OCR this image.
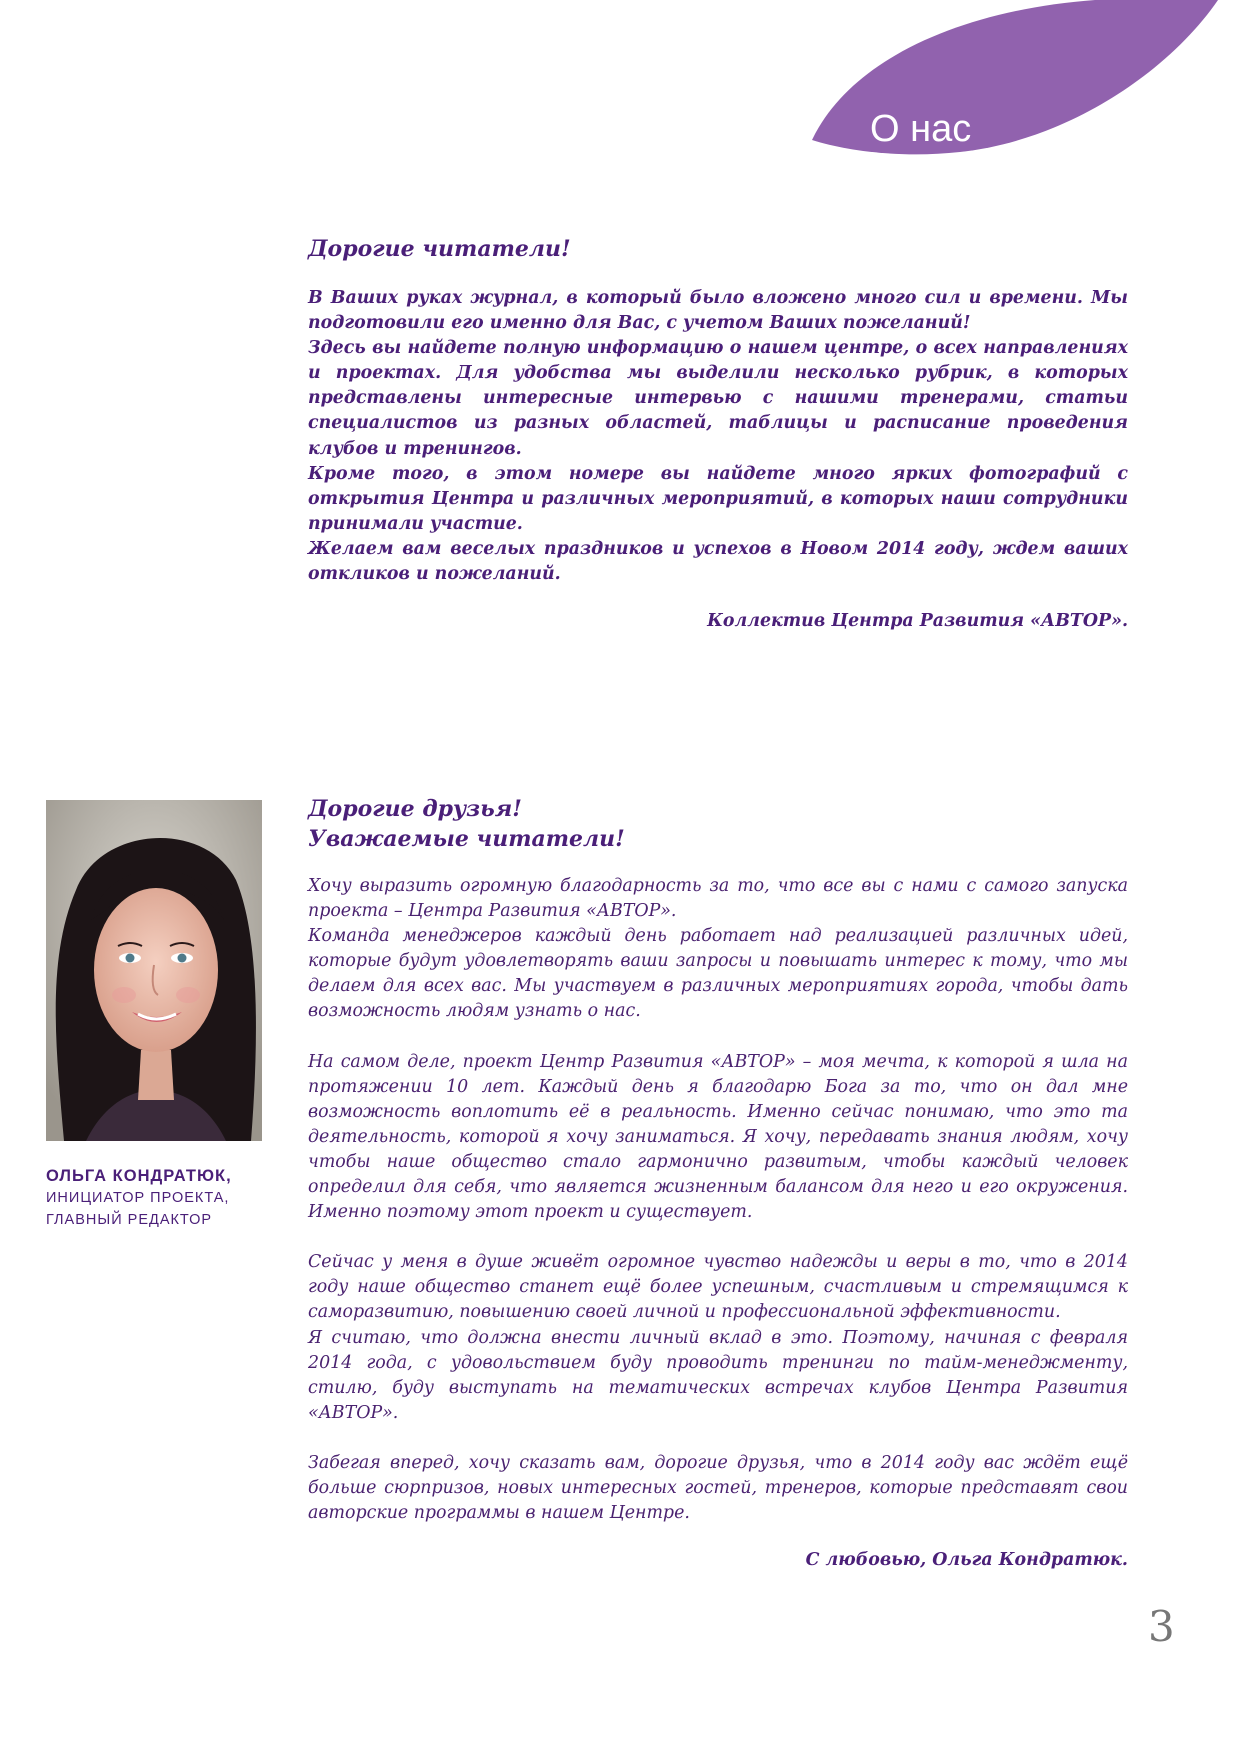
О нас
Дорогие читатели!

В Ваших руках журнал, в который было вложено много сил и времени. Мы подготовили его именно для Вас, с учетом Ваших пожеланий!

Здесь вы найдете полную информацию о нашем центре, о всех направлениях и проектах. Для удобства мы выделили несколько рубрик, в которых представлены интересные интервью с нашими тренерами, статьи специалистов из разных областей, таблицы и расписание проведения клубов и тренингов.

Кроме того, в этом номере вы найдете много ярких фотографий с открытия Центра и различных мероприятий, в которых наши сотрудники принимали участие.

Желаем вам веселых праздников и успехов в Новом 2014 году, ждем ваших откликов и пожеланий.

Коллектив Центра Развития «АВТОР».
ОЛЬГА КОНДРАТЮК,
ИНИЦИАТОР ПРОЕКТА,
ГЛАВНЫЙ РЕДАКТОР
Дорогие друзья!
Уважаемые читатели!

Хочу выразить огромную благодарность за то, что все вы с нами с самого запуска проекта – Центра Развития «АВТОР».

Команда менеджеров каждый день работает над реализацией различных идей, которые будут удовлетворять ваши запросы и повышать интерес к тому, что мы делаем для всех вас. Мы участвуем в различных мероприятиях города, чтобы дать возможность людям узнать о нас.

На самом деле, проект Центр Развития «АВТОР» – моя мечта, к которой я шла на протяжении 10 лет. Каждый день я благодарю Бога за то, что он дал мне возможность воплотить её в реальность. Именно сейчас понимаю, что это та деятельность, которой я хочу заниматься. Я хочу, передавать знания людям, хочу чтобы наше общество стало гармонично развитым, чтобы каждый человек определил для себя, что является жизненным балансом для него и его окружения. Именно поэтому этот проект и существует.

Сейчас у меня в душе живёт огромное чувство надежды и веры в то, что в 2014 году наше общество станет ещё более успешным, счастливым и стремящимся к саморазвитию, повышению своей личной и профессиональной эффективности.

Я считаю, что должна внести личный вклад в это. Поэтому, начиная с февраля 2014 года, с удовольствием буду проводить тренинги по тайм-менеджменту, стилю, буду выступать на тематических встречах клубов Центра Развития «АВТОР».

Забегая вперед, хочу сказать вам, дорогие друзья, что в 2014 году вас ждёт ещё больше сюрпризов, новых интересных гостей, тренеров, которые представят свои авторские программы в нашем Центре.

С любовью, Ольга Кондратюк.
3
